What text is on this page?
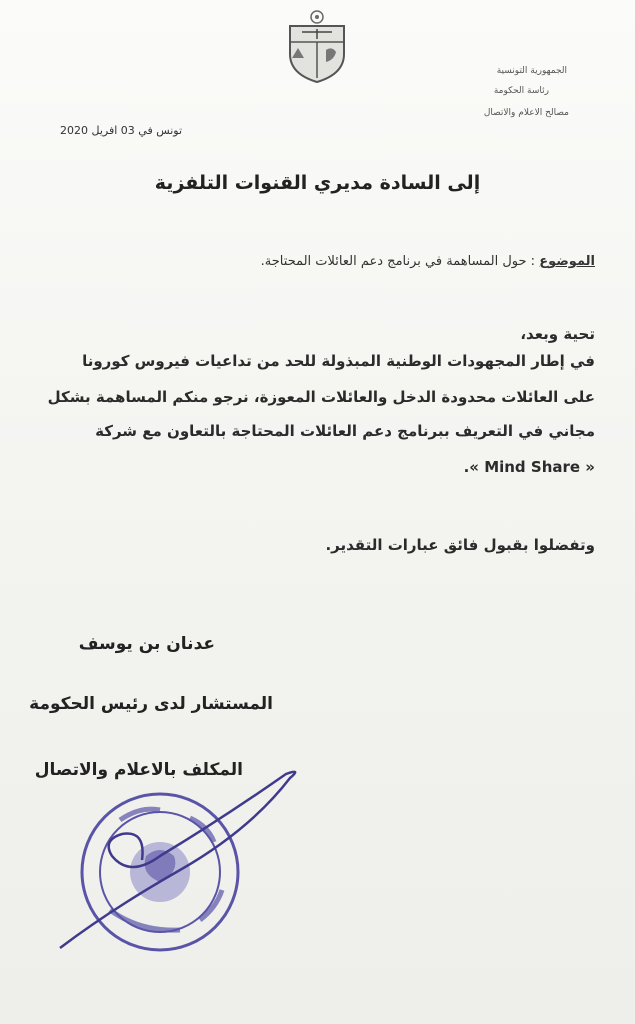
الجمهورية التونسية
رئاسة الحكومة
مصالح الاعلام والاتصال
تونس في 03 افريل 2020
إلى السادة مديري القنوات التلفزية
الموضوع : حول المساهمة في برنامج دعم العائلات المحتاجة.
تحية وبعد،
في إطار المجهودات الوطنية المبذولة للحد من تداعيات فيروس كورونا
على العائلات محدودة الدخل والعائلات المعوزة، نرجو منكم المساهمة بشكل
مجاني في التعريف ببرنامج دعم العائلات المحتاجة بالتعاون مع شركة
« Mind Share ».
وتفضلوا بقبول فائق عبارات التقدير.
عدنان بن يوسف
المستشار لدى رئيس الحكومة
المكلف بالاعلام والاتصال
